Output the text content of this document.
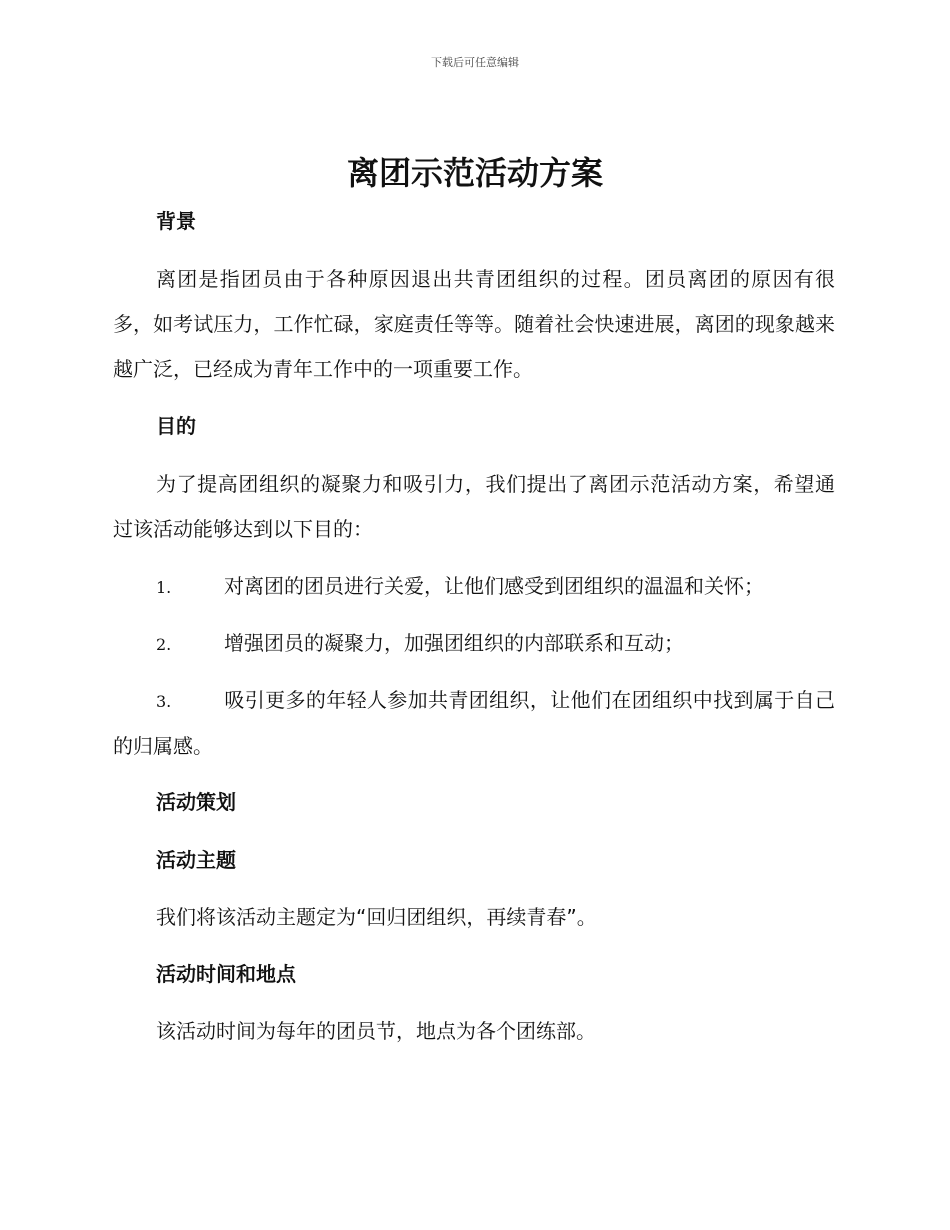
下载后可任意编辑
离团示范活动方案

背景

离团是指团员由于各种原因退出共青团组织的过程。团员离团的原因有很多，如考试压力，工作忙碌，家庭责任等等。随着社会快速进展，离团的现象越来越广泛，已经成为青年工作中的一项重要工作。

目的

为了提高团组织的凝聚力和吸引力，我们提出了离团示范活动方案，希望通过该活动能够达到以下目的：

1.	对离团的团员进行关爱，让他们感受到团组织的温温和关怀；

2.	增强团员的凝聚力，加强团组织的内部联系和互动；

3.	吸引更多的年轻人参加共青团组织，让他们在团组织中找到属于自己的归属感。

活动策划

活动主题

我们将该活动主题定为“回归团组织，再续青春”。

活动时间和地点

该活动时间为每年的团员节，地点为各个团练部。
